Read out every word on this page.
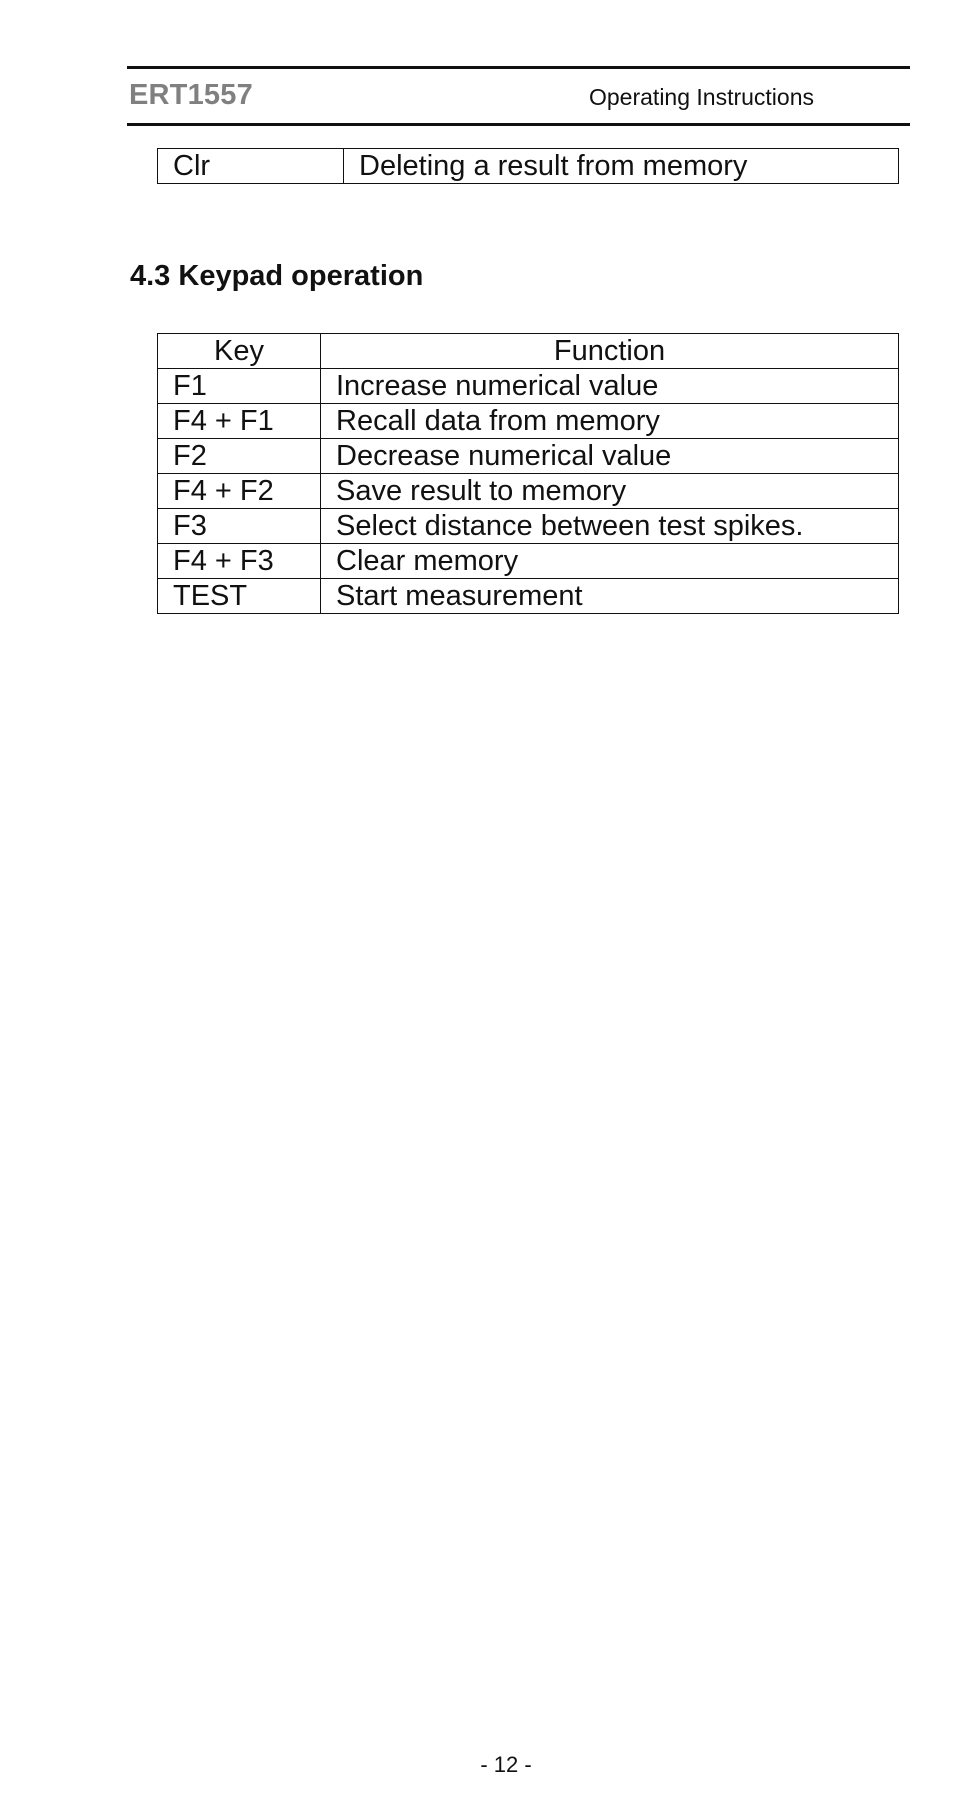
ERT1557	Operating Instructions
Clr	Deleting a result from memory
4.3 Keypad operation
Key	Function
F1	Increase numerical value
F4 + F1	Recall data from memory
F2	Decrease numerical value
F4 + F2	Save result to memory
F3	Select distance between test spikes.
F4 + F3	Clear memory
TEST	Start measurement
- 12 -
